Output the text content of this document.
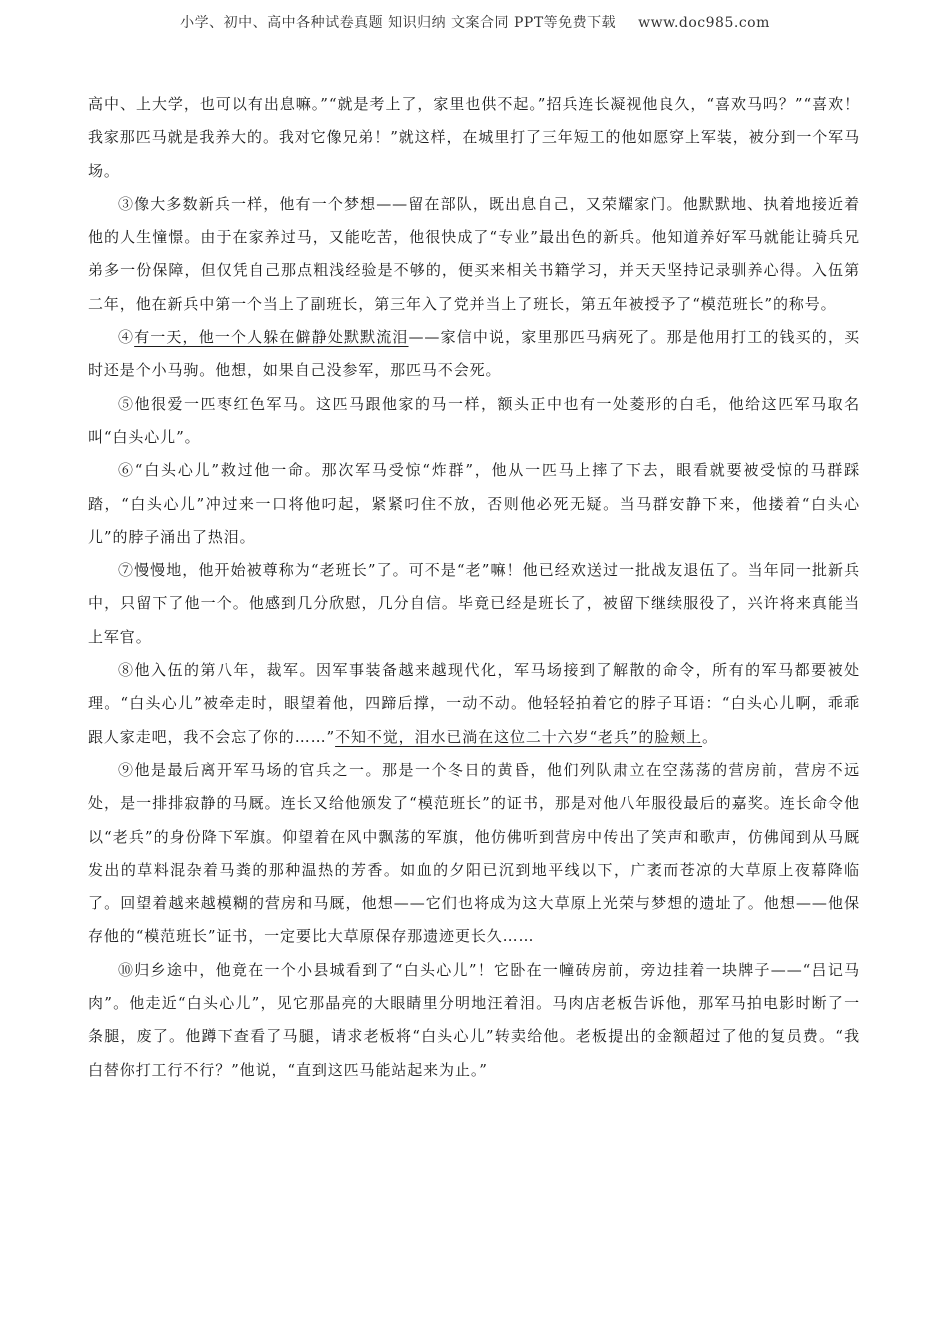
小学、初中、高中各种试卷真题 知识归纳 文案合同 PPT等免费下载 www.doc985.com

高中、上大学，也可以有出息嘛。”“就是考上了，家里也供不起。”招兵连长凝视他良久，“喜欢马吗？”“喜欢！我家那匹马就是我养大的。我对它像兄弟！”就这样，在城里打了三年短工的他如愿穿上军装，被分到一个军马场。

③像大多数新兵一样，他有一个梦想——留在部队，既出息自己，又荣耀家门。他默默地、执着地接近着他的人生憧憬。由于在家养过马，又能吃苦，他很快成了“专业”最出色的新兵。他知道养好军马就能让骑兵兄弟多一份保障，但仅凭自己那点粗浅经验是不够的，便买来相关书籍学习，并天天坚持记录驯养心得。入伍第二年，他在新兵中第一个当上了副班长，第三年入了党并当上了班长，第五年被授予了“模范班长”的称号。

④有一天，他一个人躲在僻静处默默流泪——家信中说，家里那匹马病死了。那是他用打工的钱买的，买时还是个小马驹。他想，如果自己没参军，那匹马不会死。

⑤他很爱一匹枣红色军马。这匹马跟他家的马一样，额头正中也有一处菱形的白毛，他给这匹军马取名叫“白头心儿”。

⑥“白头心儿”救过他一命。那次军马受惊“炸群”，他从一匹马上摔了下去，眼看就要被受惊的马群踩踏，“白头心儿”冲过来一口将他叼起，紧紧叼住不放，否则他必死无疑。当马群安静下来，他搂着“白头心儿”的脖子涌出了热泪。

⑦慢慢地，他开始被尊称为“老班长”了。可不是“老”嘛！他已经欢送过一批战友退伍了。当年同一批新兵中，只留下了他一个。他感到几分欣慰，几分自信。毕竟已经是班长了，被留下继续服役了，兴许将来真能当上军官。

⑧他入伍的第八年，裁军。因军事装备越来越现代化，军马场接到了解散的命令，所有的军马都要被处理。“白头心儿”被牵走时，眼望着他，四蹄后撑，一动不动。他轻轻拍着它的脖子耳语：“白头心儿啊，乖乖跟人家走吧，我不会忘了你的……”不知不觉，泪水已淌在这位二十六岁“老兵”的脸颊上。

⑨他是最后离开军马场的官兵之一。那是一个冬日的黄昏，他们列队肃立在空荡荡的营房前，营房不远处，是一排排寂静的马厩。连长又给他颁发了“模范班长”的证书，那是对他八年服役最后的嘉奖。连长命令他以“老兵”的身份降下军旗。仰望着在风中飘荡的军旗，他仿佛听到营房中传出了笑声和歌声，仿佛闻到从马厩发出的草料混杂着马粪的那种温热的芳香。如血的夕阳已沉到地平线以下，广袤而苍凉的大草原上夜幕降临了。回望着越来越模糊的营房和马厩，他想——它们也将成为这大草原上光荣与梦想的遗址了。他想——他保存他的“模范班长”证书，一定要比大草原保存那遗迹更长久……

⑩归乡途中，他竟在一个小县城看到了“白头心儿”！它卧在一幢砖房前，旁边挂着一块牌子——“吕记马肉”。他走近“白头心儿”，见它那晶亮的大眼睛里分明地汪着泪。马肉店老板告诉他，那军马拍电影时断了一条腿，废了。他蹲下查看了马腿，请求老板将“白头心儿”转卖给他。老板提出的金额超过了他的复员费。“我白替你打工行不行？”他说，“直到这匹马能站起来为止。”
